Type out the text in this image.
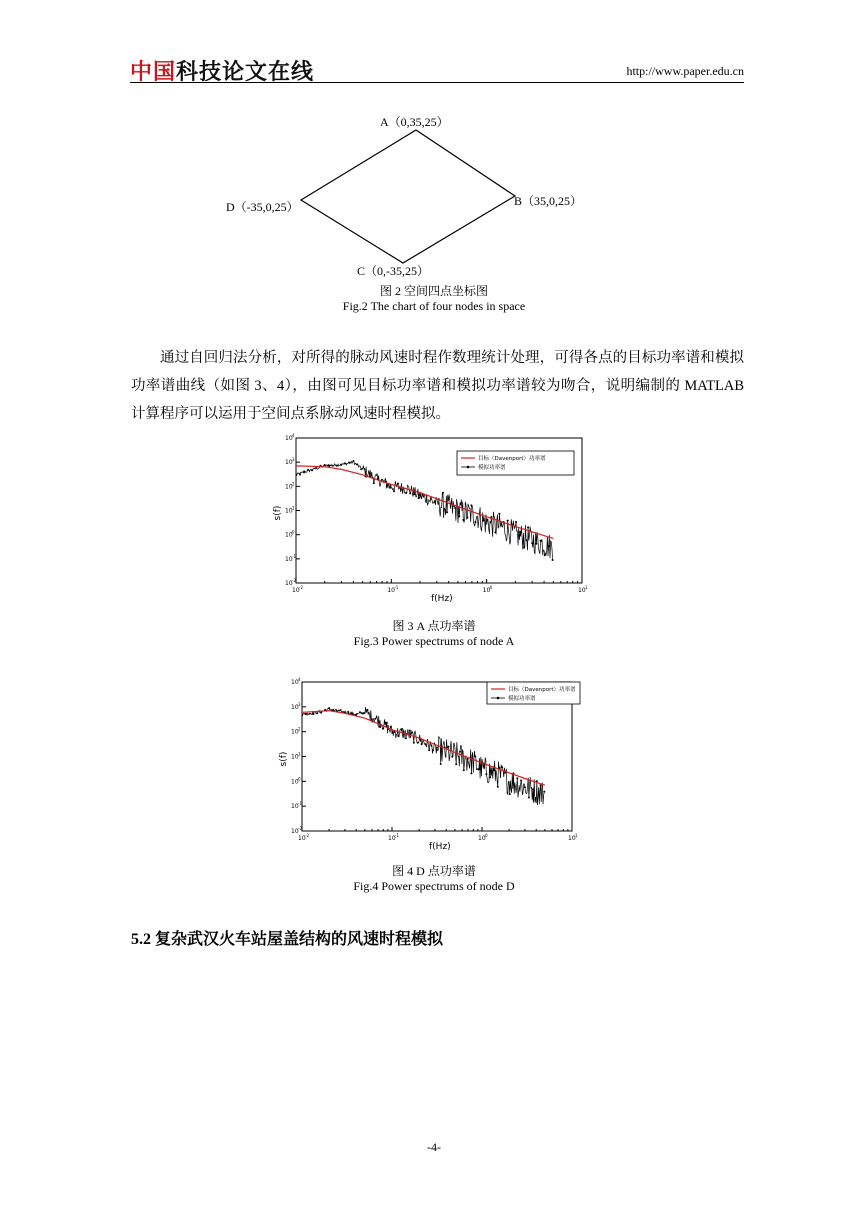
中国科技论文在线	http://www.paper.edu.cn
A（0,35,25）
B（35,0,25）
C（0,-35,25）
D（-35,0,25）
图 2 空间四点坐标图
Fig.2 The chart of four nodes in space

通过自回归法分析，对所得的脉动风速时程作数理统计处理，可得各点的目标功率谱和模拟功率谱曲线（如图 3、4），由图可见目标功率谱和模拟功率谱较为吻合，说明编制的 MATLAB 计算程序可以运用于空间点系脉动风速时程模拟。

10 -2	10 -1	10 0	10 1
10 -2
10 -1
10 0
10 1
10 2
10 3
10 4
f(Hz)
s(f)
目标（Davenport）功率谱
模拟功率谱
图 3 A 点功率谱
Fig.3 Power spectrums of node A
10 -2	10 -1	10 0	10 1
10 -2
10 -1
10 0
10 1
10 2
10 3
10 4
f(Hz)
s(f)
目标（Davenport）功率谱
模拟功率谱
图 4 D 点功率谱
Fig.4 Power spectrums of node D
5.2 复杂武汉火车站屋盖结构的风速时程模拟
-4-
